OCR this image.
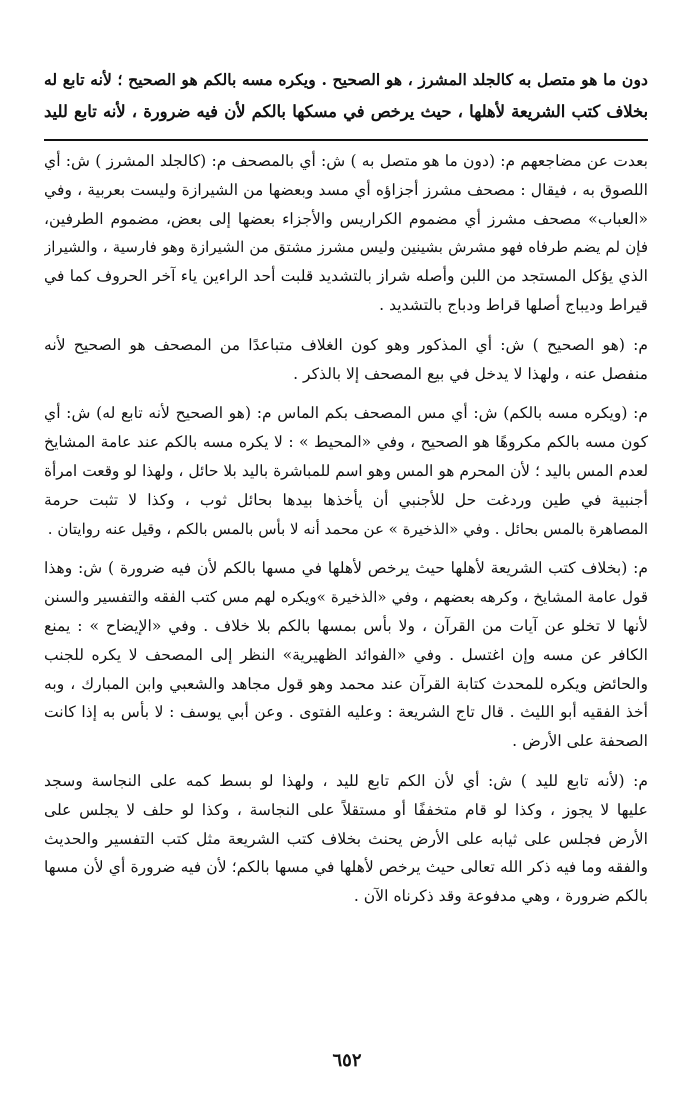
دون ما هو متصل به كالجلد المشرز ، هو الصحيح . ويكره مسه بالكم هو الصحيح ؛ لأنه تابع له
بخلاف كتب الشريعة لأهلها ، حيث يرخص في مسكها بالكم لأن فيه ضرورة ، لأنه تابع لليد
بعدت عن مضاجعهم م: (دون ما هو متصل به ) ش: أي بالمصحف م: (كالجلد المشرز ) ش: أي
اللصوق به ، فيقال : مصحف مشرز أجزاؤه أي مسد وبعضها من الشيرازة وليست بعربية ، وفي
«العباب» مصحف مشرز أي مضموم الكراريس والأجزاء بعضها إلى بعض، مضموم الطرفين،
فإن لم يضم طرفاه فهو مشرش بشينين وليس مشرز مشتق من الشيرازة وهو فارسية ، والشيراز
الذي يؤكل المستجد من اللبن وأصله شراز بالتشديد قلبت أحد الراءين ياء آخر الحروف كما في
قيراط وديباج أصلها قراط ودباج بالتشديد .
م: (هو الصحيح ) ش: أي المذكور وهو كون الغلاف متباعدًا من المصحف هو الصحيح لأنه
منفصل عنه ، ولهذا لا يدخل في بيع المصحف إلا بالذكر .
م: (ويكره مسه بالكم) ش: أي مس المصحف بكم الماس م: (هو الصحيح لأنه تابع له) ش: أي
كون مسه بالكم مكروهًا هو الصحيح ، وفي «المحيط » : لا يكره مسه بالكم عند عامة المشايخ
لعدم المس باليد ؛ لأن المحرم هو المس وهو اسم للمباشرة باليد بلا حائل ، ولهذا لو وقعت امرأة
أجنبية في طين وردغت حل للأجنبي أن يأخذها بيدها بحائل ثوب ، وكذا لا تثبت حرمة
المصاهرة بالمس بحائل . وفي «الذخيرة » عن محمد أنه لا بأس بالمس بالكم ، وقيل عنه روايتان .
م: (بخلاف كتب الشريعة لأهلها حيث يرخص لأهلها في مسها بالكم لأن فيه ضرورة ) ش: وهذا
قول عامة المشايخ ، وكرهه بعضهم ، وفي «الذخيرة »ويكره لهم مس كتب الفقه والتفسير والسنن
لأنها لا تخلو عن آيات من القرآن ، ولا بأس بمسها بالكم بلا خلاف . وفي «الإيضاح » : يمنع
الكافر عن مسه وإن اغتسل . وفي «الفوائد الظهيرية» النظر إلى المصحف لا يكره للجنب
والحائض ويكره للمحدث كتابة القرآن عند محمد وهو قول مجاهد والشعبي وابن المبارك ، وبه
أخذ الفقيه أبو الليث . قال تاج الشريعة : وعليه الفتوى . وعن أبي يوسف : لا بأس به إذا كانت
الصحفة على الأرض .
م: (لأنه تابع لليد ) ش: أي لأن الكم تابع لليد ، ولهذا لو بسط كمه على النجاسة وسجد
عليها لا يجوز ، وكذا لو قام متخففًا أو مستقلاً على النجاسة ، وكذا لو حلف لا يجلس على
الأرض فجلس على ثيابه على الأرض يحنث بخلاف كتب الشريعة مثل كتب التفسير والحديث
والفقه وما فيه ذكر الله تعالى حيث يرخص لأهلها في مسها بالكم؛ لأن فيه ضرورة أي لأن مسها
بالكم ضرورة ، وهي مدفوعة وقد ذكرناه الآن .
٦٥٢
